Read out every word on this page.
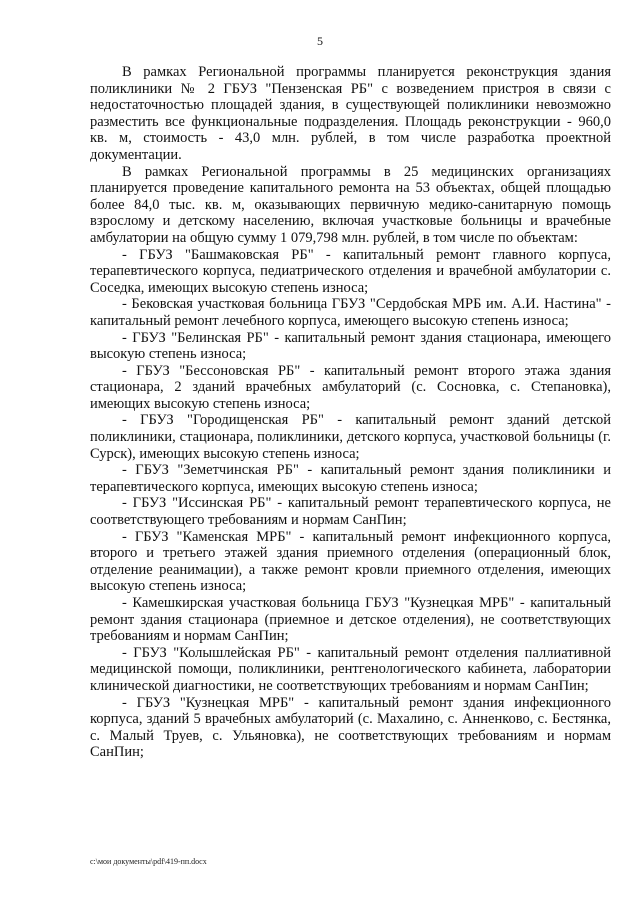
5

В рамках Региональной программы планируется реконструкция здания поликлиники № 2 ГБУЗ "Пензенская РБ" с возведением пристроя в связи с недостаточностью площадей здания, в существующей поликлиники невозможно разместить все функциональные подразделения. Площадь реконструкции - 960,0 кв. м, стоимость - 43,0 млн. рублей, в том числе разработка проектной документации.

В рамках Региональной программы в 25 медицинских организациях планируется проведение капитального ремонта на 53 объектах, общей площадью более 84,0 тыс. кв. м, оказывающих первичную медико-санитарную помощь взрослому и детскому населению, включая участковые больницы и врачебные амбулатории на общую сумму 1 079,798 млн. рублей, в том числе по объектам:

- ГБУЗ "Башмаковская РБ" - капитальный ремонт главного корпуса, терапевтического корпуса, педиатрического отделения и врачебной амбулатории с. Соседка, имеющих высокую степень износа;

- Бековская участковая больница ГБУЗ "Сердобская МРБ им. А.И. Настина" - капитальный ремонт лечебного корпуса, имеющего высокую степень износа;

- ГБУЗ "Белинская РБ" - капитальный ремонт здания стационара, имеющего высокую степень износа;

- ГБУЗ "Бессоновская РБ" - капитальный ремонт второго этажа здания стационара, 2 зданий врачебных амбулаторий (с. Сосновка, с. Степановка), имеющих высокую степень износа;

- ГБУЗ "Городищенская РБ" - капитальный ремонт зданий детской поликлиники, стационара, поликлиники, детского корпуса, участковой больницы (г. Сурск), имеющих высокую степень износа;

- ГБУЗ "Земетчинская РБ" - капитальный ремонт здания поликлиники и терапевтического корпуса, имеющих высокую степень износа;

- ГБУЗ "Иссинская РБ" - капитальный ремонт терапевтического корпуса, не соответствующего требованиям и нормам СанПин;

- ГБУЗ "Каменская МРБ" - капитальный ремонт инфекционного корпуса, второго и третьего этажей здания приемного отделения (операционный блок, отделение реанимации), а также ремонт кровли приемного отделения, имеющих высокую степень износа;

- Камешкирская участковая больница ГБУЗ "Кузнецкая МРБ" - капитальный ремонт здания стационара (приемное и детское отделения), не соответствующих требованиям и нормам СанПин;

- ГБУЗ "Колышлейская РБ" - капитальный ремонт отделения паллиативной медицинской помощи, поликлиники, рентгенологического кабинета, лаборатории клинической диагностики, не соответствующих требованиям и нормам СанПин;

- ГБУЗ "Кузнецкая МРБ" - капитальный ремонт здания инфекционного корпуса, зданий 5 врачебных амбулаторий (с. Махалино, с. Анненково, с. Бестянка, с. Малый Труев, с. Ульяновка), не соответствующих требованиям и нормам СанПин;

c:\мои документы\pdf\419-пп.docx
